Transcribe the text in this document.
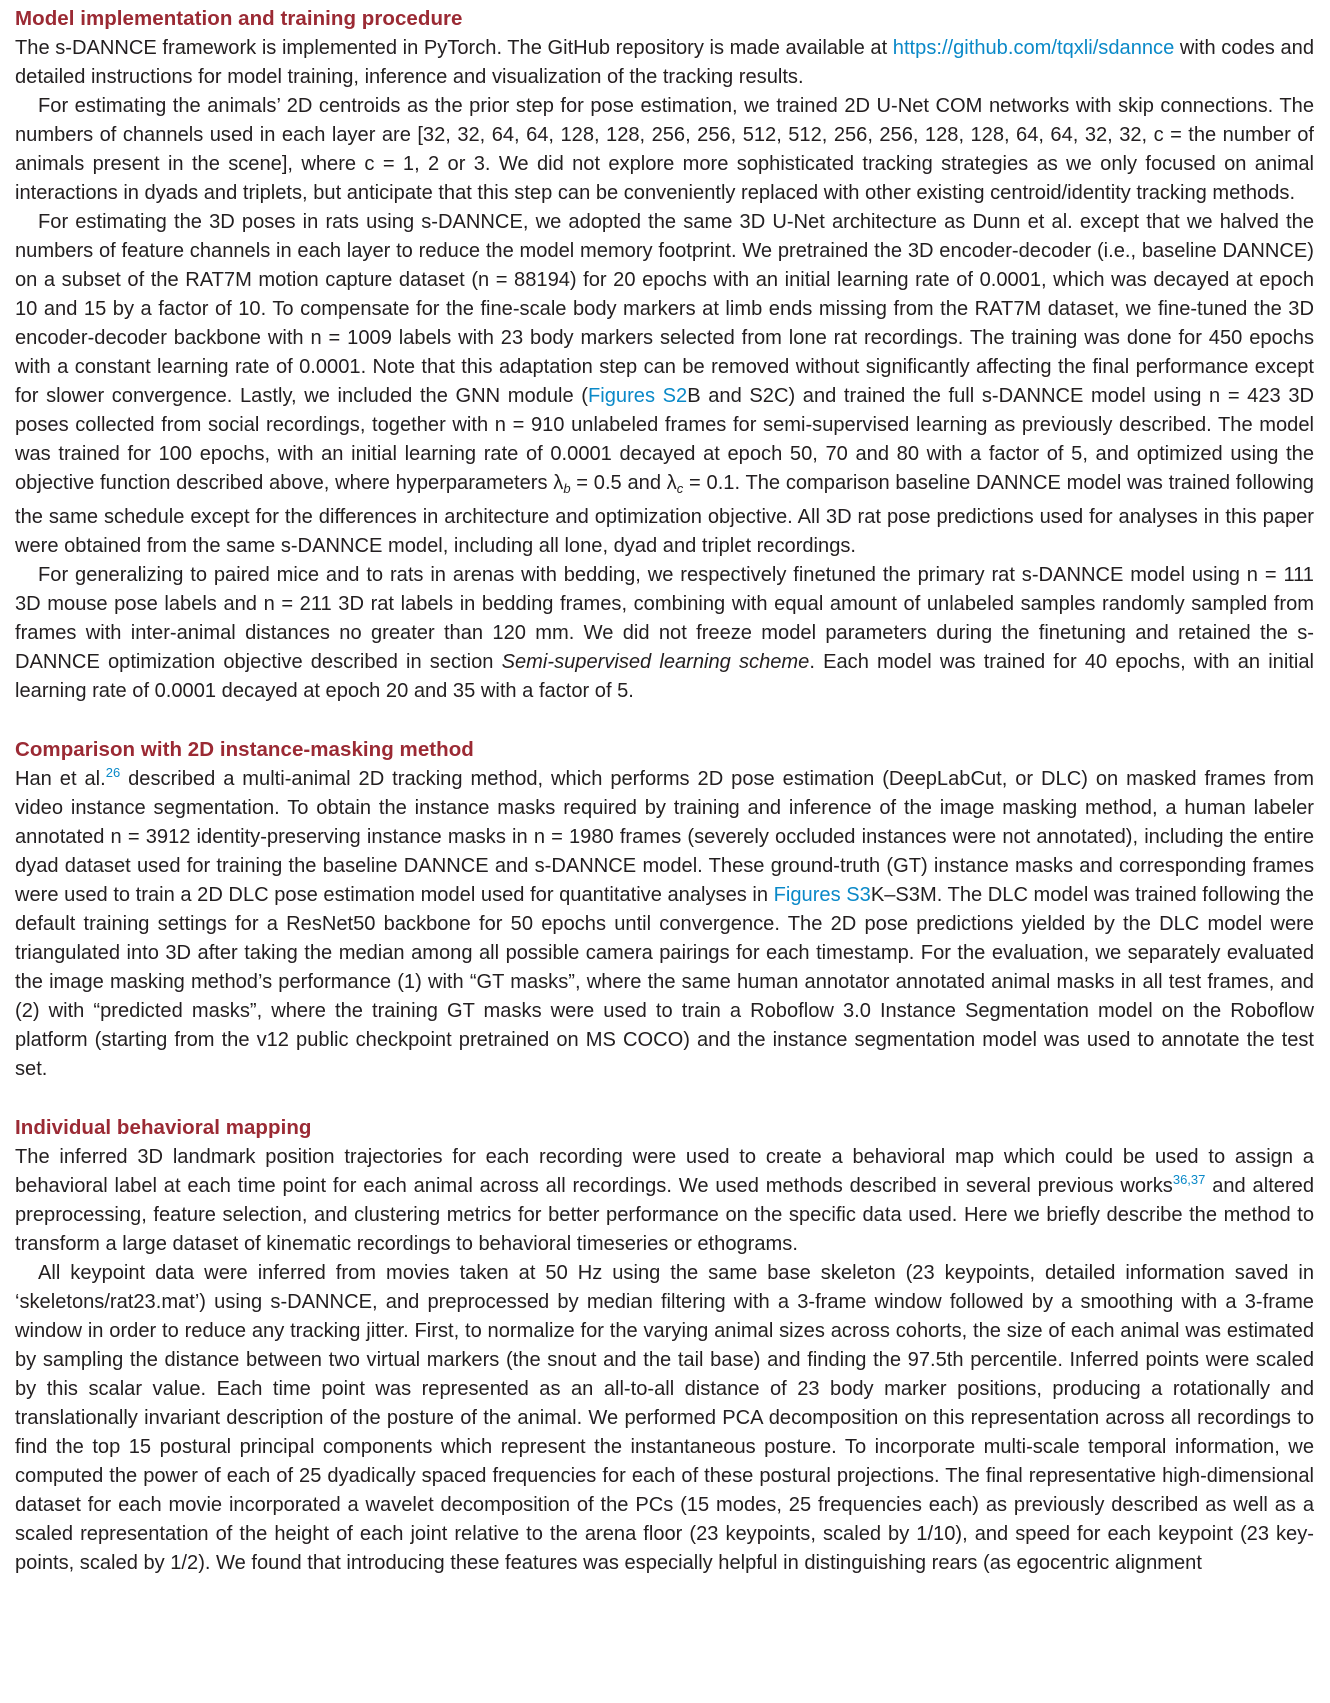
Model implementation and training procedure

The s-DANNCE framework is implemented in PyTorch. The GitHub repository is made available at https://github.com/tqxli/sdannce with codes and detailed instructions for model training, inference and visualization of the tracking results.

For estimating the animals’ 2D centroids as the prior step for pose estimation, we trained 2D U-Net COM networks with skip connections. The numbers of channels used in each layer are [32, 32, 64, 64, 128, 128, 256, 256, 512, 512, 256, 256, 128, 128, 64, 64, 32, 32, c = the number of animals present in the scene], where c = 1, 2 or 3. We did not explore more sophisticated tracking strategies as we only focused on animal interactions in dyads and triplets, but anticipate that this step can be conveniently replaced with other existing centroid/identity tracking methods.

For estimating the 3D poses in rats using s-DANNCE, we adopted the same 3D U-Net architecture as Dunn et al. except that we halved the numbers of feature channels in each layer to reduce the model memory footprint. We pretrained the 3D encoder-decoder (i.e., baseline DANNCE) on a subset of the RAT7M motion capture dataset (n = 88194) for 20 epochs with an initial learning rate of 0.0001, which was decayed at epoch 10 and 15 by a factor of 10. To compensate for the fine-scale body markers at limb ends missing from the RAT7M dataset, we fine-tuned the 3D encoder-decoder backbone with n = 1009 labels with 23 body markers selected from lone rat recordings. The training was done for 450 epochs with a constant learning rate of 0.0001. Note that this adaptation step can be removed without significantly affecting the final performance except for slower convergence. Lastly, we included the GNN module (Figures S2B and S2C) and trained the full s-DANNCE model using n = 423 3D poses collected from social recordings, together with n = 910 unlabeled frames for semi-supervised learning as previously described. The model was trained for 100 epochs, with an initial learning rate of 0.0001 decayed at epoch 50, 70 and 80 with a factor of 5, and optimized using the objective function described above, where hyperparameters λb = 0.5 and λc = 0.1. The comparison baseline DANNCE model was trained following the same schedule except for the differences in architecture and optimization objective. All 3D rat pose predictions used for analyses in this paper were obtained from the same s-DANNCE model, including all lone, dyad and triplet recordings.

For generalizing to paired mice and to rats in arenas with bedding, we respectively finetuned the primary rat s-DANNCE model using n = 111 3D mouse pose labels and n = 211 3D rat labels in bedding frames, combining with equal amount of unlabeled samples randomly sampled from frames with inter-animal distances no greater than 120 mm. We did not freeze model parameters during the finetuning and retained the s-DANNCE optimization objective described in section Semi-supervised learning scheme. Each model was trained for 40 epochs, with an initial learning rate of 0.0001 decayed at epoch 20 and 35 with a factor of 5.

Comparison with 2D instance-masking method

Han et al.$^{26}$ described a multi-animal 2D tracking method, which performs 2D pose estimation (DeepLabCut, or DLC) on masked frames from video instance segmentation. To obtain the instance masks required by training and inference of the image masking method, a human labeler annotated n = 3912 identity-preserving instance masks in n = 1980 frames (severely occluded instances were not annotated), including the entire dyad dataset used for training the baseline DANNCE and s-DANNCE model. These ground-truth (GT) instance masks and corresponding frames were used to train a 2D DLC pose estimation model used for quantitative analyses in Figures S3K–S3M. The DLC model was trained following the default training settings for a ResNet50 backbone for 50 epochs until convergence. The 2D pose predictions yielded by the DLC model were triangulated into 3D after taking the median among all possible camera pairings for each timestamp. For the evaluation, we separately evaluated the image masking method’s performance (1) with “GT masks”, where the same human annotator annotated animal masks in all test frames, and (2) with “predicted masks”, where the training GT masks were used to train a Roboflow 3.0 Instance Segmentation model on the Roboflow platform (starting from the v12 public checkpoint pretrained on MS COCO) and the instance segmentation model was used to annotate the test set.

Individual behavioral mapping

The inferred 3D landmark position trajectories for each recording were used to create a behavioral map which could be used to assign a behavioral label at each time point for each animal across all recordings. We used methods described in several previous works$^{36,37}$ and altered preprocessing, feature selection, and clustering metrics for better performance on the specific data used. Here we briefly describe the method to transform a large dataset of kinematic recordings to behavioral timeseries or ethograms.

All keypoint data were inferred from movies taken at 50 Hz using the same base skeleton (23 keypoints, detailed information saved in ‘skeletons/rat23.mat’) using s-DANNCE, and preprocessed by median filtering with a 3-frame window followed by a smoothing with a 3-frame window in order to reduce any tracking jitter. First, to normalize for the varying animal sizes across cohorts, the size of each animal was estimated by sampling the distance between two virtual markers (the snout and the tail base) and finding the 97.5th percentile. Inferred points were scaled by this scalar value. Each time point was represented as an all-to-all distance of 23 body marker positions, producing a rotationally and translationally invariant description of the posture of the animal. We performed PCA decomposition on this representation across all recordings to find the top 15 postural principal components which represent the instantaneous posture. To incorporate multi-scale temporal information, we computed the power of each of 25 dyadically spaced frequencies for each of these postural projections. The final representative high-dimensional dataset for each movie incorporated a wavelet decomposition of the PCs (15 modes, 25 frequencies each) as previously described as well as a scaled representation of the height of each joint relative to the arena floor (23 keypoints, scaled by 1/10), and speed for each keypoint (23 keypoints, scaled by 1/2). We found that introducing these features was especially helpful in distinguishing rears (as egocentric alignment
